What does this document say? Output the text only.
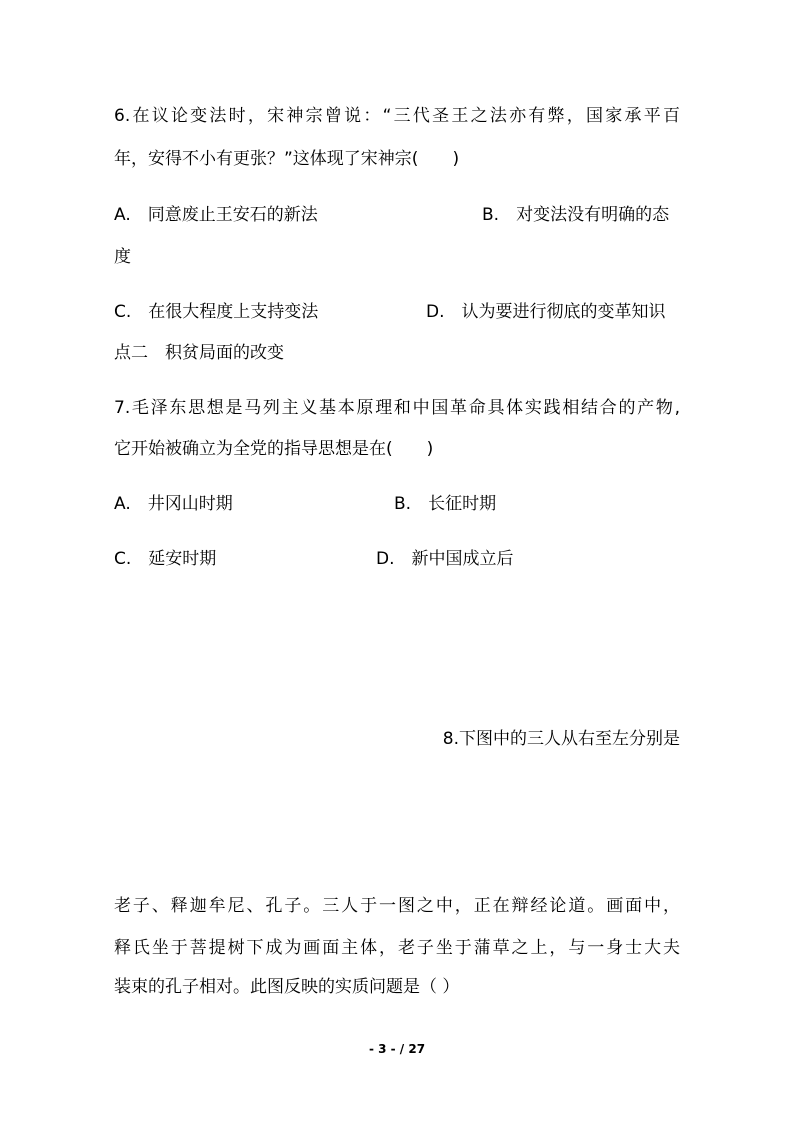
6.在议论变法时，宋神宗曾说：“三代圣王之法亦有弊，国家承平百
年，安得不小有更张？”这体现了宋神宗(　　)
A.　同意废止王安石的新法	B.　对变法没有明确的态
度
C.　在很大程度上支持变法	D.　认为要进行彻底的变革知识
点二　积贫局面的改变
7.毛泽东思想是马列主义基本原理和中国革命具体实践相结合的产物,
它开始被确立为全党的指导思想是在(　　)
A.　井冈山时期	B.　长征时期
C.　延安时期	D.　新中国成立后
8.下图中的三人从右至左分别是
老子、释迦牟尼、孔子。三人于一图之中，正在辩经论道。画面中，
释氏坐于菩提树下成为画面主体，老子坐于蒲草之上，与一身士大夫
装束的孔子相对。此图反映的实质问题是（ ）
- 3 - / 27
